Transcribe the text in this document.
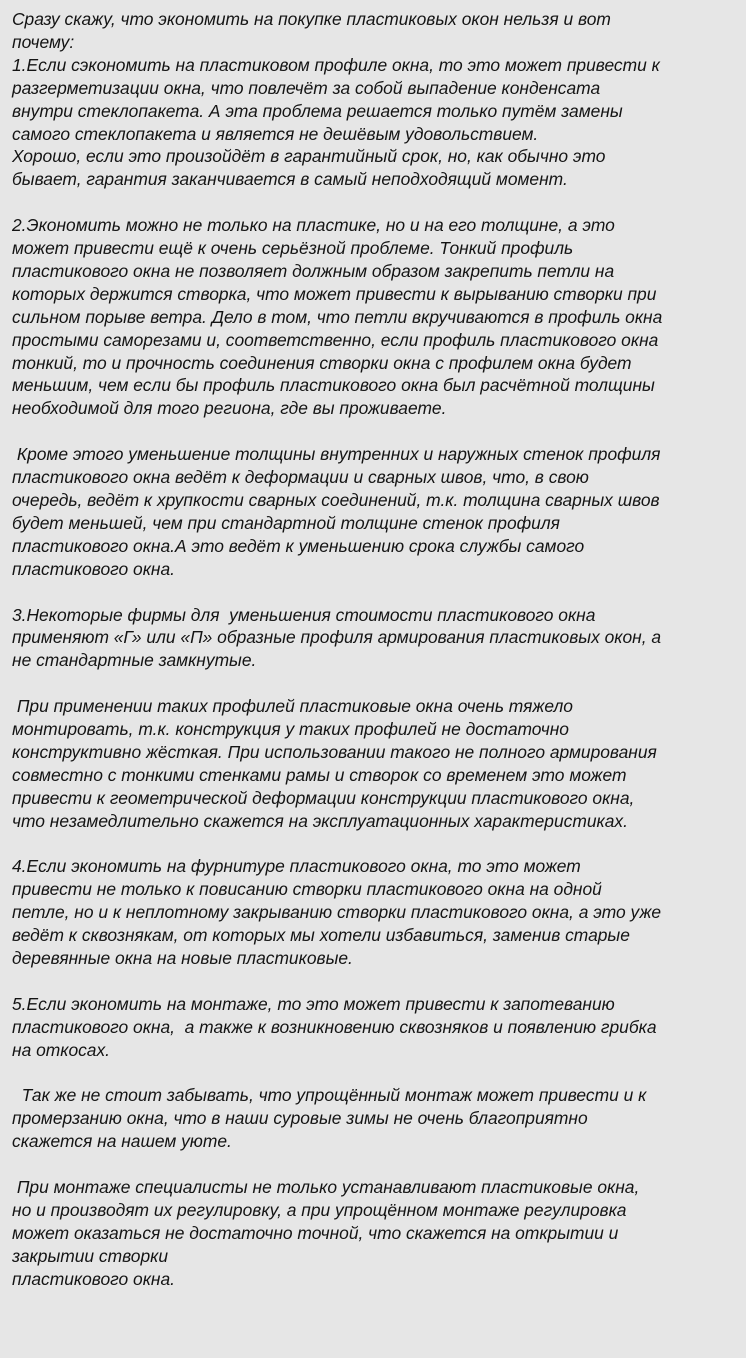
Сразу скажу, что экономить на покупке пластиковых окон нельзя и вот
почему:
1.Если сэкономить на пластиковом профиле окна, то это может привести к
разгерметизации окна, что повлечёт за собой выпадение конденсата
внутри стеклопакета. А эта проблема решается только путём замены
самого стеклопакета и является не дешёвым удовольствием.
Хорошо, если это произойдёт в гарантийный срок, но, как обычно это
бывает, гарантия заканчивается в самый неподходящий момент.

2.Экономить можно не только на пластике, но и на его толщине, а это
может привести ещё к очень серьёзной проблеме. Тонкий профиль
пластикового окна не позволяет должным образом закрепить петли на
которых держится створка, что может привести к вырыванию створки при
сильном порыве ветра. Дело в том, что петли вкручиваются в профиль окна
простыми саморезами и, соответственно, если профиль пластикового окна
тонкий, то и прочность соединения створки окна с профилем окна будет
меньшим, чем если бы профиль пластикового окна был расчётной толщины
необходимой для того региона, где вы проживаете.

Кроме этого уменьшение толщины внутренних и наружных стенок профиля
пластикового окна ведёт к деформации и сварных швов, что, в свою
очередь, ведёт к хрупкости сварных соединений, т.к. толщина сварных швов
будет меньшей, чем при стандартной толщине стенок профиля
пластикового окна.А это ведёт к уменьшению срока службы самого
пластикового окна.

3.Некоторые фирмы для  уменьшения стоимости пластикового окна
применяют «Г» или «П» образные профиля армирования пластиковых окон, а
не стандартные замкнутые.

При применении таких профилей пластиковые окна очень тяжело
монтировать, т.к. конструкция у таких профилей не достаточно
конструктивно жёсткая. При использовании такого не полного армирования
совместно с тонкими стенками рамы и створок со временем это может
привести к геометрической деформации конструкции пластикового окна,
что незамедлительно скажется на эксплуатационных характеристиках.

4.Если экономить на фурнитуре пластикового окна, то это может
привести не только к повисанию створки пластикового окна на одной
петле, но и к неплотному закрыванию створки пластикового окна, а это уже
ведёт к сквознякам, от которых мы хотели избавиться, заменив старые
деревянные окна на новые пластиковые.

5.Если экономить на монтаже, то это может привести к запотеванию
пластикового окна,  а также к возникновению сквозняков и появлению грибка
на откосах.

Так же не стоит забывать, что упрощённый монтаж может привести и к
промерзанию окна, что в наши суровые зимы не очень благоприятно
скажется на нашем уюте.

При монтаже специалисты не только устанавливают пластиковые окна,
но и производят их регулировку, а при упрощённом монтаже регулировка
может оказаться не достаточно точной, что скажется на открытии и
закрытии створки
пластикового окна.
